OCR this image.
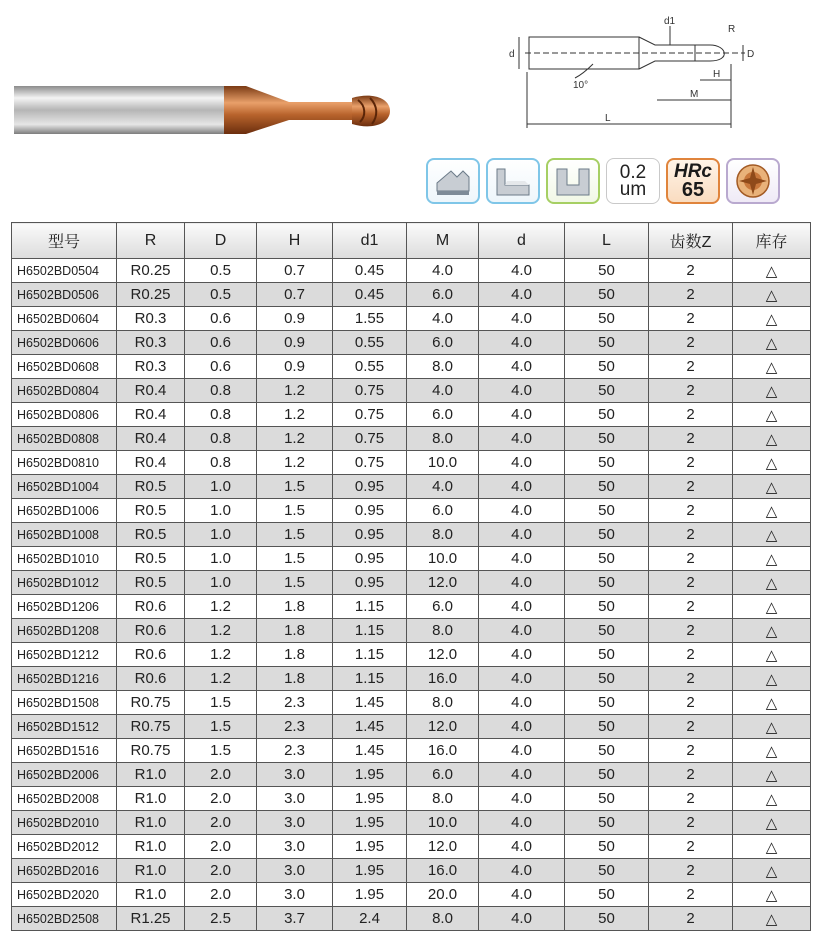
d
d1
R
D
10°
H
M
L
0.2
um
HRc
65
型号	R	D	H	d1	M	d	L	齿数Z	库存
H6502BD0504	R0.25	0.5	0.7	0.45	4.0	4.0	50	2	△
H6502BD0506	R0.25	0.5	0.7	0.45	6.0	4.0	50	2	△
H6502BD0604	R0.3	0.6	0.9	1.55	4.0	4.0	50	2	△
H6502BD0606	R0.3	0.6	0.9	0.55	6.0	4.0	50	2	△
H6502BD0608	R0.3	0.6	0.9	0.55	8.0	4.0	50	2	△
H6502BD0804	R0.4	0.8	1.2	0.75	4.0	4.0	50	2	△
H6502BD0806	R0.4	0.8	1.2	0.75	6.0	4.0	50	2	△
H6502BD0808	R0.4	0.8	1.2	0.75	8.0	4.0	50	2	△
H6502BD0810	R0.4	0.8	1.2	0.75	10.0	4.0	50	2	△
H6502BD1004	R0.5	1.0	1.5	0.95	4.0	4.0	50	2	△
H6502BD1006	R0.5	1.0	1.5	0.95	6.0	4.0	50	2	△
H6502BD1008	R0.5	1.0	1.5	0.95	8.0	4.0	50	2	△
H6502BD1010	R0.5	1.0	1.5	0.95	10.0	4.0	50	2	△
H6502BD1012	R0.5	1.0	1.5	0.95	12.0	4.0	50	2	△
H6502BD1206	R0.6	1.2	1.8	1.15	6.0	4.0	50	2	△
H6502BD1208	R0.6	1.2	1.8	1.15	8.0	4.0	50	2	△
H6502BD1212	R0.6	1.2	1.8	1.15	12.0	4.0	50	2	△
H6502BD1216	R0.6	1.2	1.8	1.15	16.0	4.0	50	2	△
H6502BD1508	R0.75	1.5	2.3	1.45	8.0	4.0	50	2	△
H6502BD1512	R0.75	1.5	2.3	1.45	12.0	4.0	50	2	△
H6502BD1516	R0.75	1.5	2.3	1.45	16.0	4.0	50	2	△
H6502BD2006	R1.0	2.0	3.0	1.95	6.0	4.0	50	2	△
H6502BD2008	R1.0	2.0	3.0	1.95	8.0	4.0	50	2	△
H6502BD2010	R1.0	2.0	3.0	1.95	10.0	4.0	50	2	△
H6502BD2012	R1.0	2.0	3.0	1.95	12.0	4.0	50	2	△
H6502BD2016	R1.0	2.0	3.0	1.95	16.0	4.0	50	2	△
H6502BD2020	R1.0	2.0	3.0	1.95	20.0	4.0	50	2	△
H6502BD2508	R1.25	2.5	3.7	2.4	8.0	4.0	50	2	△
